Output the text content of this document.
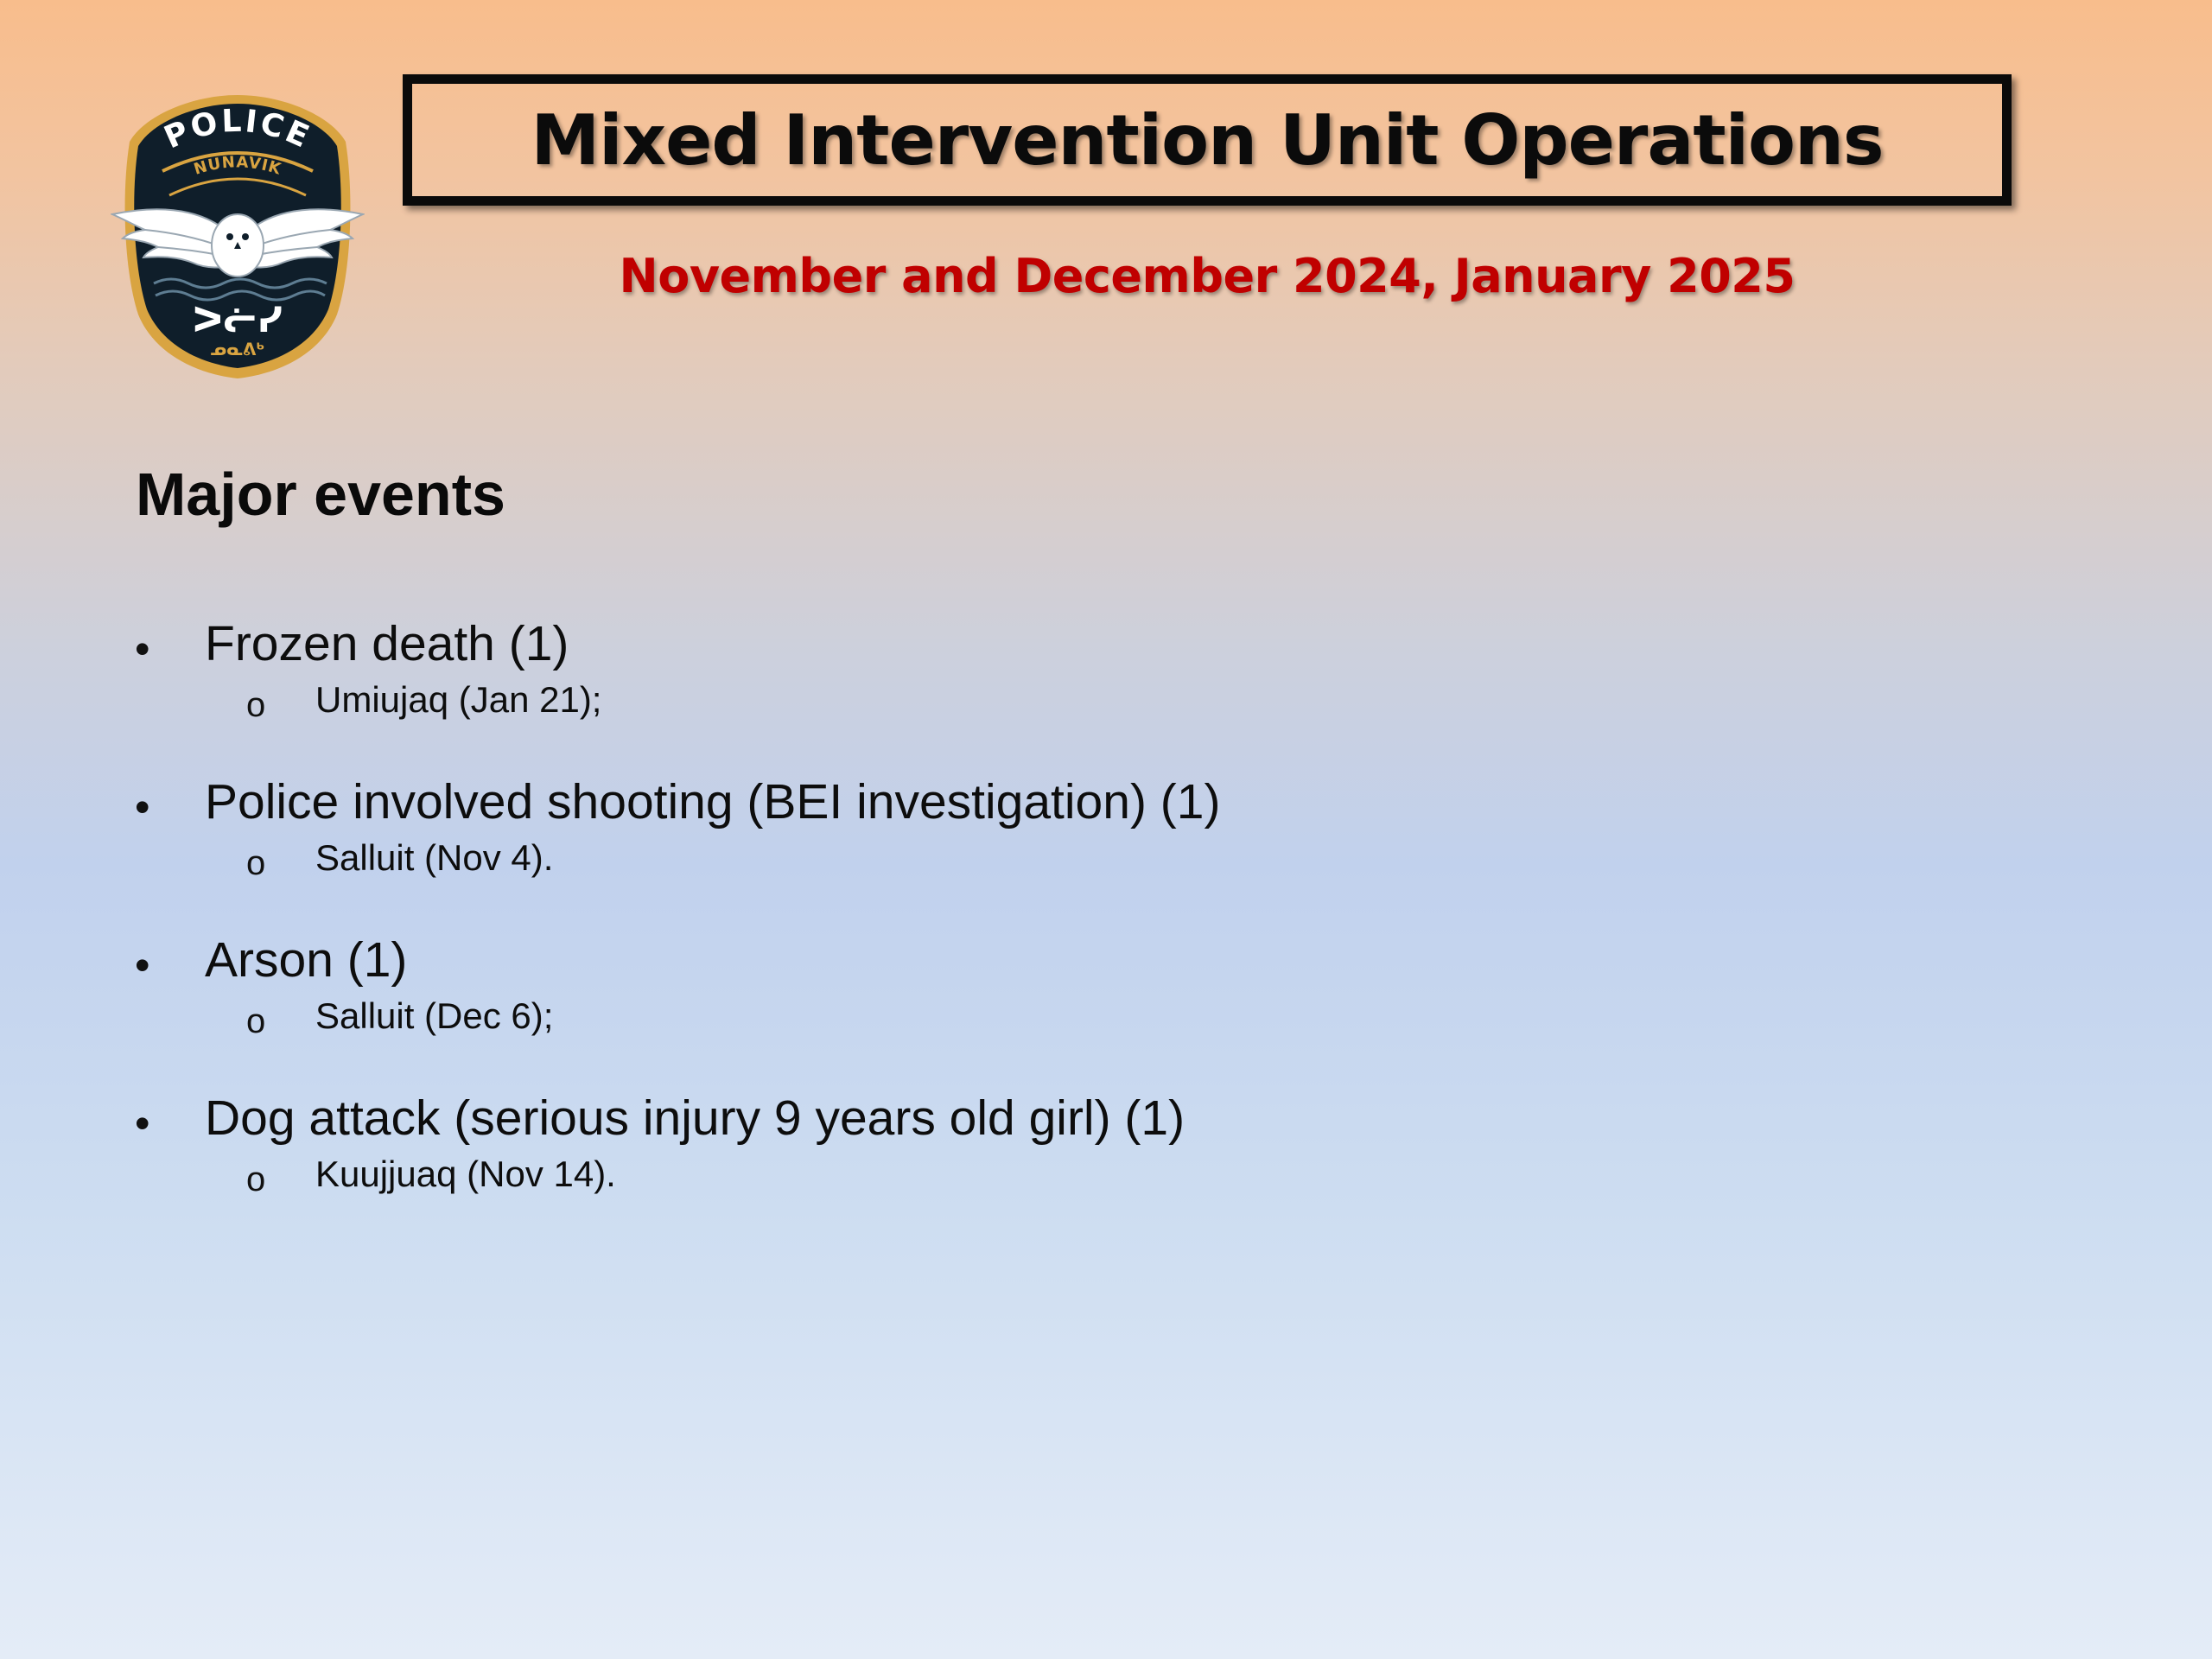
POLICE
NUNAVIK
ᐳᓖᓯ
ᓄᓇᕕᒃ
Mixed Intervention Unit Operations
November and December 2024, January 2025
Major events
• Frozen death (1)
o Umiujaq (Jan 21);
• Police involved shooting (BEI investigation) (1)
o Salluit (Nov 4).
• Arson (1)
o Salluit (Dec 6);
• Dog attack (serious injury 9 years old girl) (1)
o Kuujjuaq (Nov 14).
